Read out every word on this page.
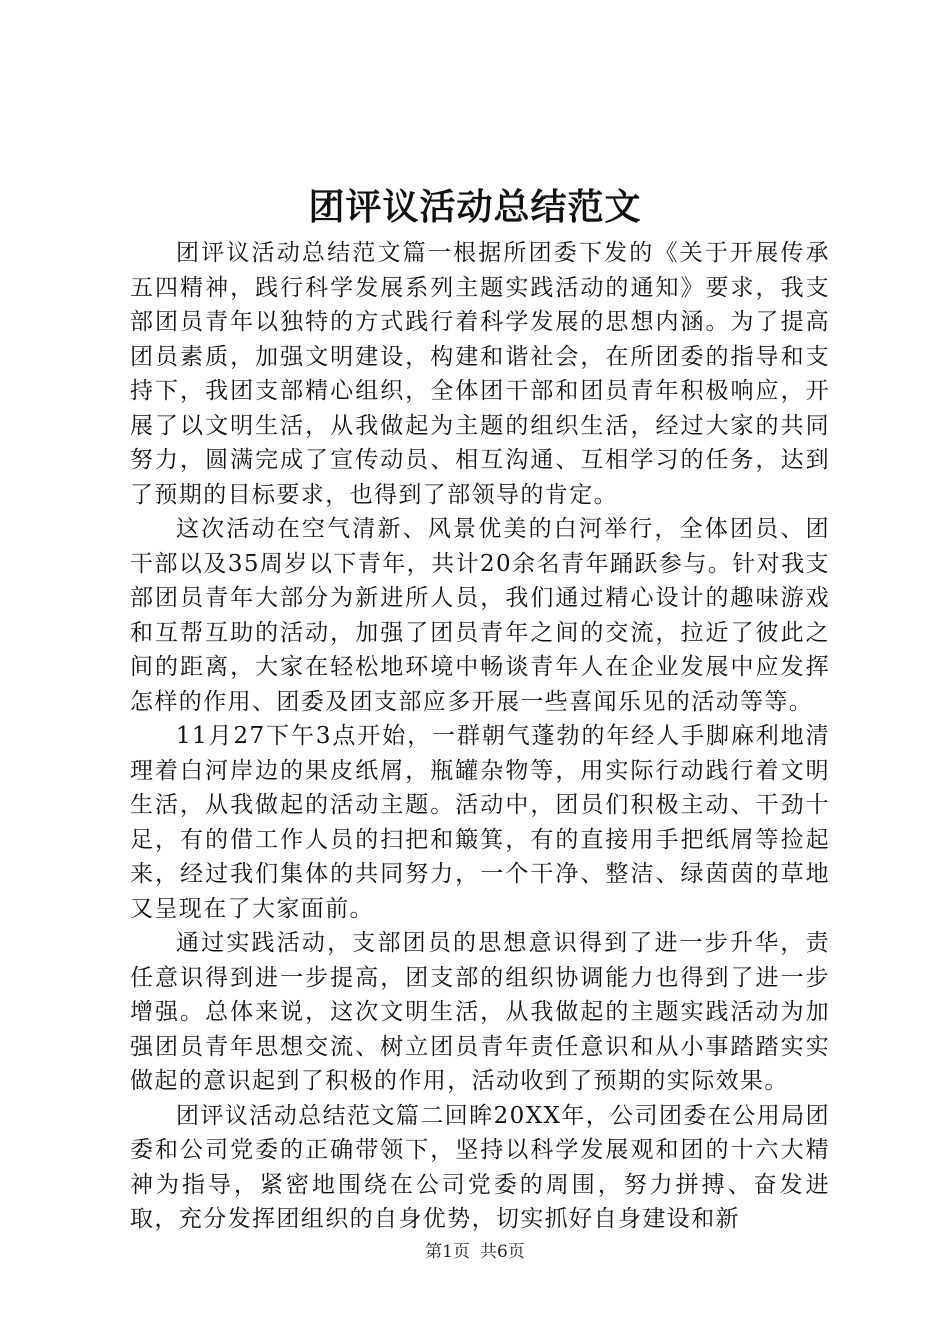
团评议活动总结范文

团评议活动总结范文篇一根据所团委下发的《关于开展传承五四精神，践行科学发展系列主题实践活动的通知》要求，我支部团员青年以独特的方式践行着科学发展的思想内涵。为了提高团员素质，加强文明建设，构建和谐社会，在所团委的指导和支持下，我团支部精心组织，全体团干部和团员青年积极响应，开展了以文明生活，从我做起为主题的组织生活，经过大家的共同努力，圆满完成了宣传动员、相互沟通、互相学习的任务，达到了预期的目标要求，也得到了部领导的肯定。

这次活动在空气清新、风景优美的白河举行，全体团员、团干部以及35周岁以下青年，共计20余名青年踊跃参与。针对我支部团员青年大部分为新进所人员，我们通过精心设计的趣味游戏和互帮互助的活动，加强了团员青年之间的交流，拉近了彼此之间的距离，大家在轻松地环境中畅谈青年人在企业发展中应发挥怎样的作用、团委及团支部应多开展一些喜闻乐见的活动等等。

11月27下午3点开始，一群朝气蓬勃的年经人手脚麻利地清理着白河岸边的果皮纸屑，瓶罐杂物等，用实际行动践行着文明生活，从我做起的活动主题。活动中，团员们积极主动、干劲十足，有的借工作人员的扫把和簸箕，有的直接用手把纸屑等捡起来，经过我们集体的共同努力，一个干净、整洁、绿茵茵的草地又呈现在了大家面前。

通过实践活动，支部团员的思想意识得到了进一步升华，责任意识得到进一步提高，团支部的组织协调能力也得到了进一步增强。总体来说，这次文明生活，从我做起的主题实践活动为加强团员青年思想交流、树立团员青年责任意识和从小事踏踏实实做起的意识起到了积极的作用，活动收到了预期的实际效果。

团评议活动总结范文篇二回眸20XX年，公司团委在公用局团委和公司党委的正确带领下，坚持以科学发展观和团的十六大精神为指导，紧密地围绕在公司党委的周围，努力拼搏、奋发进取，充分发挥团组织的自身优势，切实抓好自身建设和新

第1页 共6页
